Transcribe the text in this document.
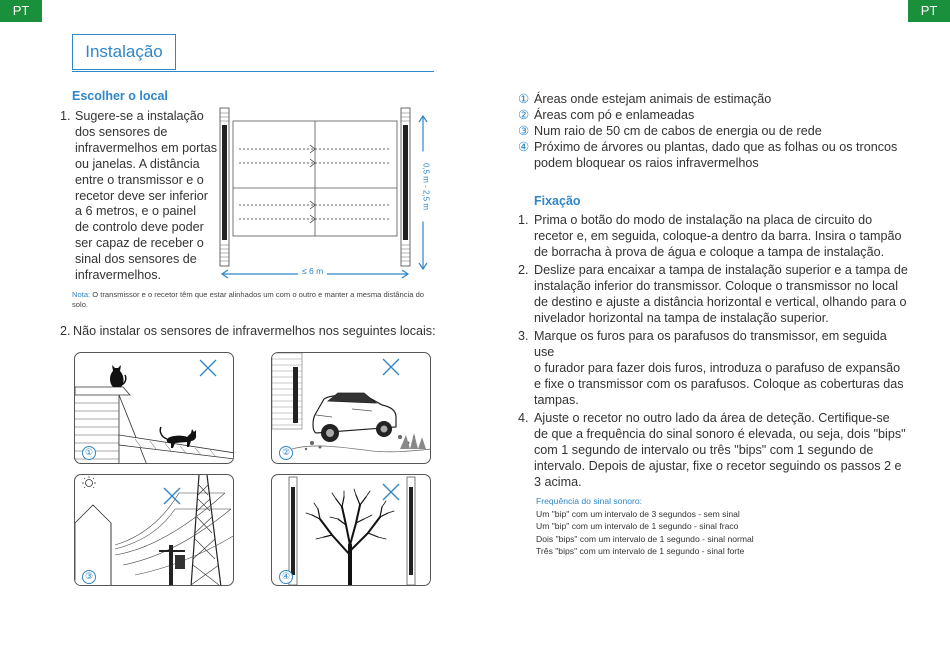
PT	PT
Instalação
Escolher o local
1. Sugere-se a instalação
dos sensores de
infravermelhos em portas
ou janelas. A distância
entre o transmissor e o
recetor deve ser inferior
a 6 metros, e o painel
de controlo deve poder
ser capaz de receber o
sinal dos sensores de
infravermelhos.	≤ 6 m
0,5 m - 2,5 m
Nota: O transmissor e o recetor têm que estar alinhados um com o outro e manter a mesma distância do solo.
2. Não instalar os sensores de infravermelhos nos seguintes locais:
①	②
③	④
① Áreas onde estejam animais de estimação
② Áreas com pó e enlameadas
③ Num raio de 50 cm de cabos de energia ou de rede
④ Próximo de árvores ou plantas, dado que as folhas ou os troncos
podem bloquear os raios infravermelhos
Fixação
1. Prima o botão do modo de instalação na placa de circuito do
recetor e, em seguida, coloque-a dentro da barra. Insira o tampão
de borracha à prova de água e coloque a tampa de instalação.
2. Deslize para encaixar a tampa de instalação superior e a tampa de
instalação inferior do transmissor. Coloque o transmissor no local
de destino e ajuste a distância horizontal e vertical, olhando para o
nivelador horizontal na tampa de instalação superior.
3. Marque os furos para os parafusos do transmissor, em seguida use
o furador para fazer dois furos, introduza o parafuso de expansão
e fixe o transmissor com os parafusos. Coloque as coberturas das
tampas.
4. Ajuste o recetor no outro lado da área de deteção. Certifique-se
de que a frequência do sinal sonoro é elevada, ou seja, dois "bips"
com 1 segundo de intervalo ou três "bips" com 1 segundo de
intervalo. Depois de ajustar, fixe o recetor seguindo os passos 2 e
3 acima.
Frequência do sinal sonoro:
Um "bip" com um intervalo de 3 segundos - sem sinal
Um "bip" com um intervalo de 1 segundo - sinal fraco
Dois "bips" com um intervalo de 1 segundo - sinal normal
Três "bips" com um intervalo de 1 segundo - sinal forte
